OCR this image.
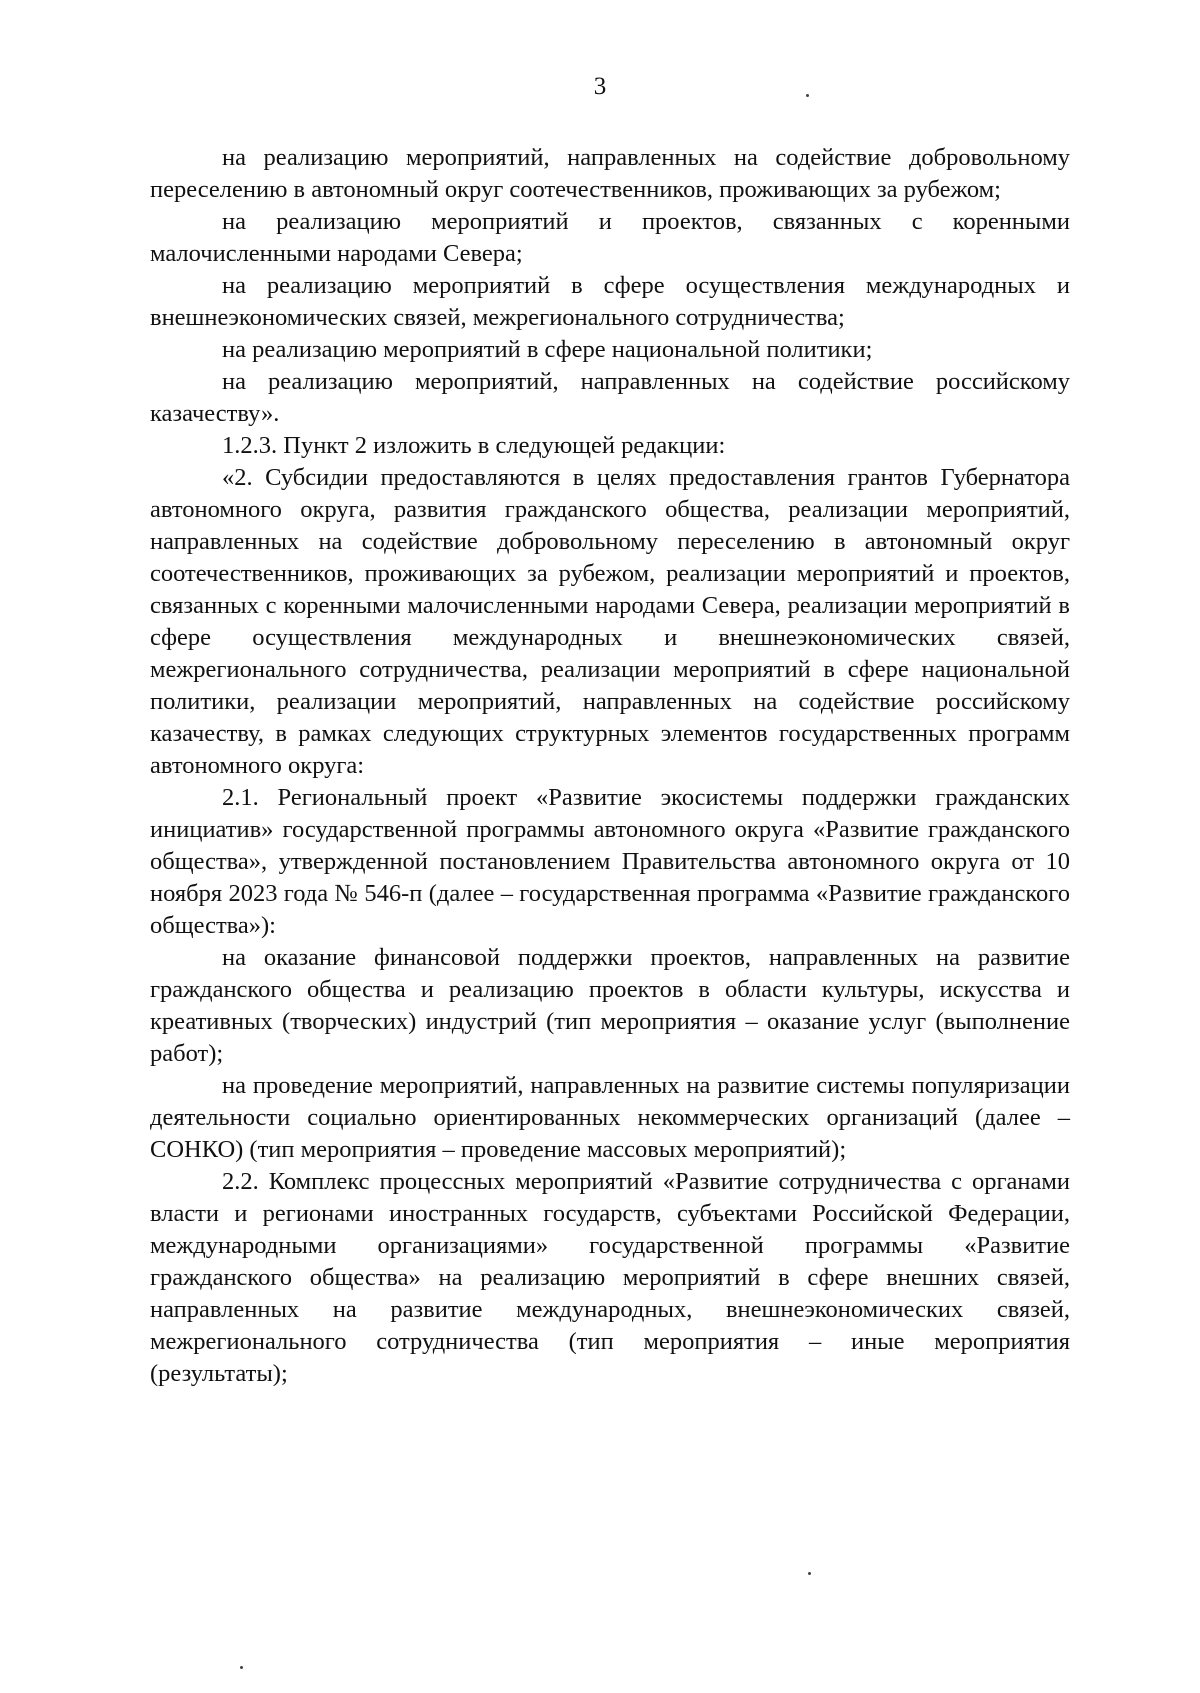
3

на реализацию мероприятий, направленных на содействие добровольному переселению в автономный округ соотечественников, проживающих за рубежом;

на реализацию мероприятий и проектов, связанных с коренными малочисленными народами Севера;

на реализацию мероприятий в сфере осуществления международных и внешнеэкономических связей, межрегионального сотрудничества;

на реализацию мероприятий в сфере национальной политики;

на реализацию мероприятий, направленных на содействие российскому казачеству».

1.2.3. Пункт 2 изложить в следующей редакции:

«2. Субсидии предоставляются в целях предоставления грантов Губернатора автономного округа, развития гражданского общества, реализации мероприятий, направленных на содействие добровольному переселению в автономный округ соотечественников, проживающих за рубежом, реализации мероприятий и проектов, связанных с коренными малочисленными народами Севера, реализации мероприятий в сфере осуществления международных и внешнеэкономических связей, межрегионального сотрудничества, реализации мероприятий в сфере национальной политики, реализации мероприятий, направленных на содействие российскому казачеству, в рамках следующих структурных элементов государственных программ автономного округа:

2.1. Региональный проект «Развитие экосистемы поддержки гражданских инициатив» государственной программы автономного округа «Развитие гражданского общества», утвержденной постановлением Правительства автономного округа от 10 ноября 2023 года № 546-п (далее – государственная программа «Развитие гражданского общества»):

на оказание финансовой поддержки проектов, направленных на развитие гражданского общества и реализацию проектов в области культуры, искусства и креативных (творческих) индустрий (тип мероприятия – оказание услуг (выполнение работ);

на проведение мероприятий, направленных на развитие системы популяризации деятельности социально ориентированных некоммерческих организаций (далее – СОНКО) (тип мероприятия – проведение массовых мероприятий);

2.2. Комплекс процессных мероприятий «Развитие сотрудничества с органами власти и регионами иностранных государств, субъектами Российской Федерации, международными организациями» государственной программы «Развитие гражданского общества» на реализацию мероприятий в сфере внешних связей, направленных на развитие международных, внешнеэкономических связей, межрегионального сотрудничества (тип мероприятия – иные мероприятия (результаты);
